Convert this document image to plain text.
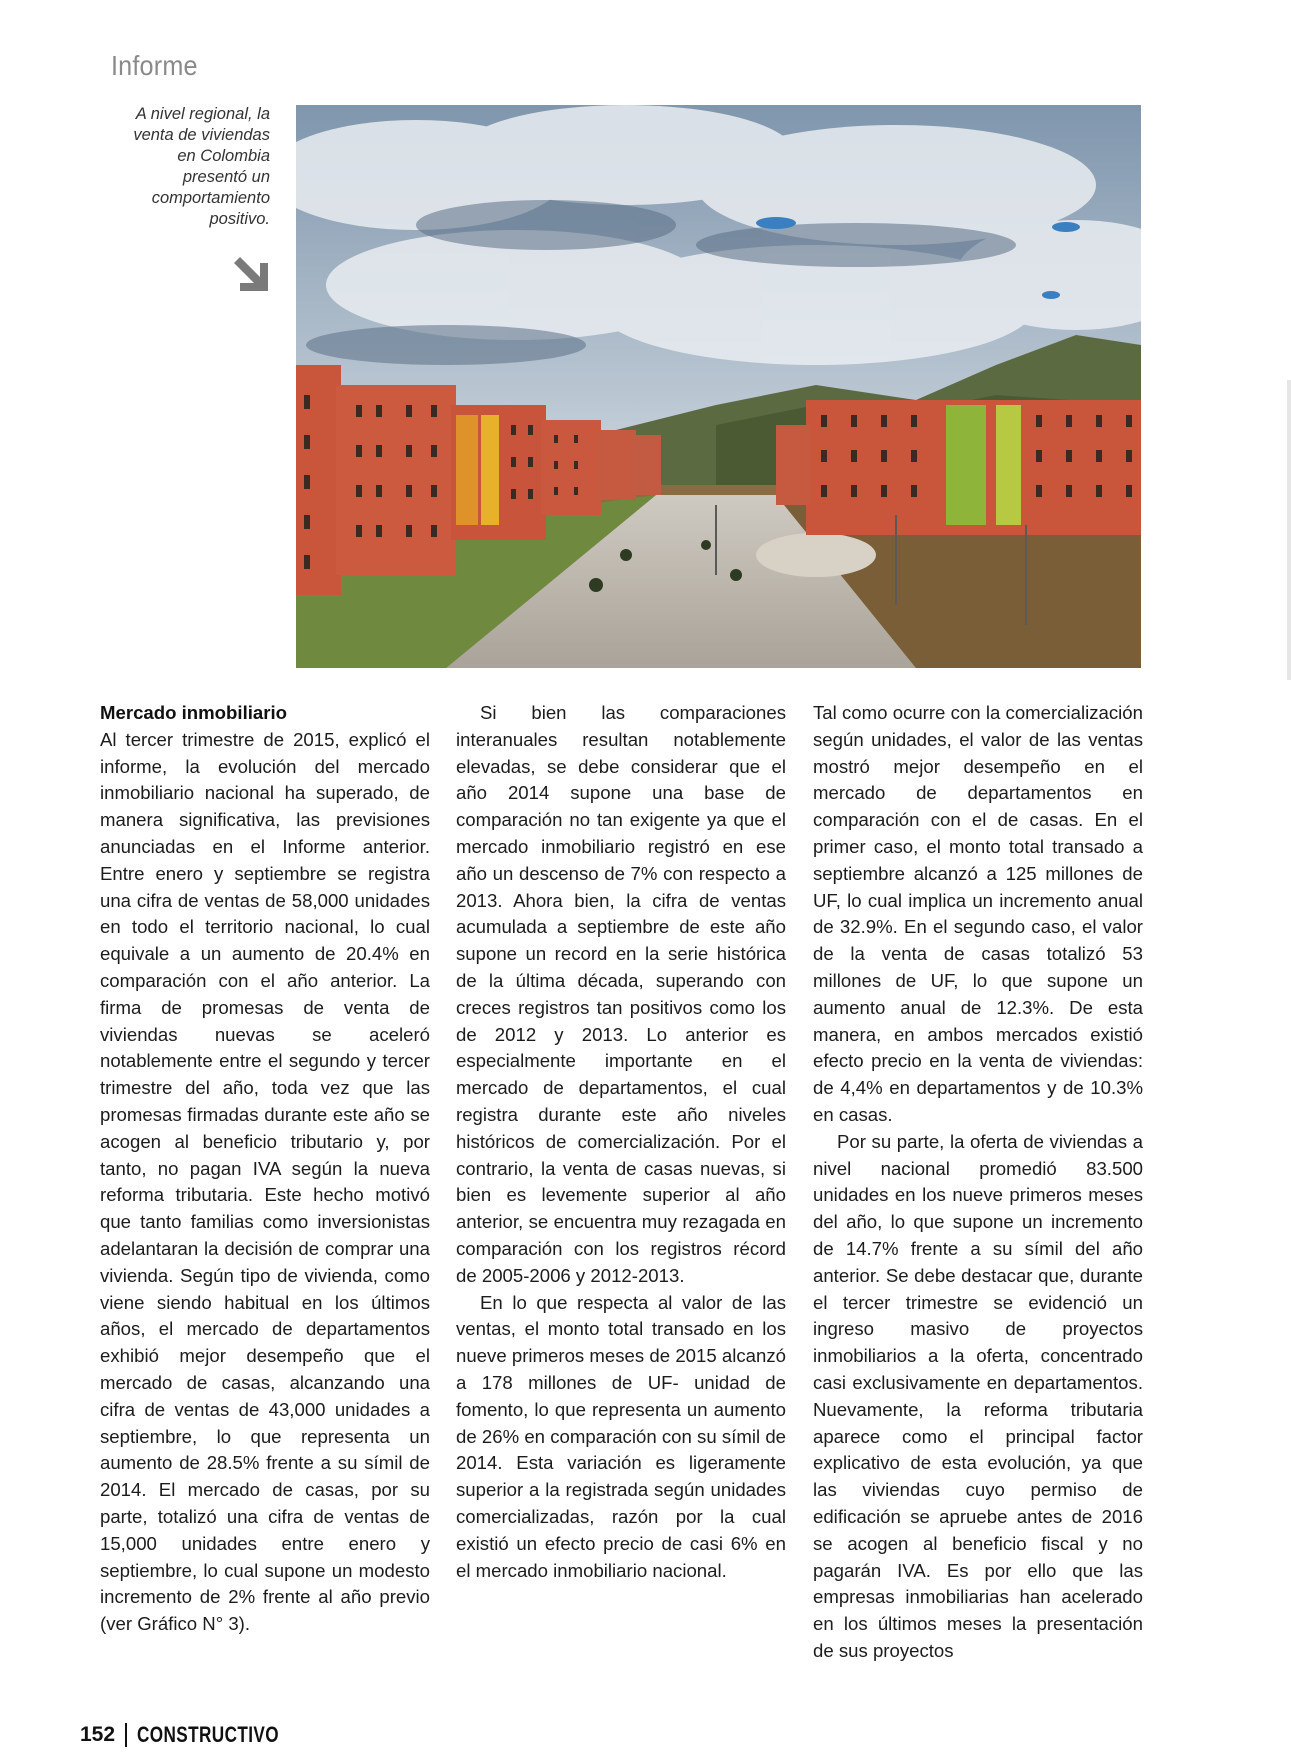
Informe
A nivel regional, la
venta de viviendas
en Colombia
presentó un
comportamiento
positivo.
Mercado inmobiliario

Al tercer trimestre de 2015, explicó el informe, la evolución del mercado inmobiliario nacional ha superado, de manera significativa, las previsiones anunciadas en el Informe anterior. Entre enero y septiembre se registra una cifra de ventas de 58,000 unidades en todo el territorio nacional, lo cual equivale a un aumento de 20.4% en comparación con el año anterior. La firma de promesas de venta de viviendas nuevas se aceleró notablemente entre el segundo y tercer trimestre del año, toda vez que las promesas firmadas durante este año se acogen al beneficio tributario y, por tanto, no pagan IVA según la nueva reforma tributaria. Este hecho motivó que tanto familias como inversionistas adelantaran la decisión de comprar una vivienda. Según tipo de vivienda, como viene siendo habitual en los últimos años, el mercado de departamentos exhibió mejor desempeño que el mercado de casas, alcanzando una cifra de ventas de 43,000 unidades a septiembre, lo que representa un aumento de 28.5% frente a su símil de 2014. El mercado de casas, por su parte, totalizó una cifra de ventas de 15,000 unidades entre enero y septiembre, lo cual supone un modesto incremento de 2% frente al año previo (ver Gráfico N° 3).

Si bien las comparaciones interanuales resultan notablemente elevadas, se debe considerar que el año 2014 supone una base de comparación no tan exigente ya que el mercado inmobiliario registró en ese año un descenso de 7% con respecto a 2013. Ahora bien, la cifra de ventas acumulada a septiembre de este año supone un record en la serie histórica de la última década, superando con creces registros tan positivos como los de 2012 y 2013. Lo anterior es especialmente importante en el mercado de departamentos, el cual registra durante este año niveles históricos de comercialización. Por el contrario, la venta de casas nuevas, si bien es levemente superior al año anterior, se encuentra muy rezagada en comparación con los registros récord de 2005-2006 y 2012-2013.

En lo que respecta al valor de las ventas, el monto total transado en los nueve primeros meses de 2015 alcanzó a 178 millones de UF- unidad de fomento, lo que representa un aumento de 26% en comparación con su símil de 2014. Esta variación es ligeramente superior a la registrada según unidades comercializadas, razón por la cual existió un efecto precio de casi 6% en el mercado inmobiliario nacional.

Tal como ocurre con la comercialización según unidades, el valor de las ventas mostró mejor desempeño en el mercado de departamentos en comparación con el de casas. En el primer caso, el monto total transado a septiembre alcanzó a 125 millones de UF, lo cual implica un incremento anual de 32.9%. En el segundo caso, el valor de la venta de casas totalizó 53 millones de UF, lo que supone un aumento anual de 12.3%. De esta manera, en ambos mercados existió efecto precio en la venta de viviendas: de 4,4% en departamentos y de 10.3% en casas.

Por su parte, la oferta de viviendas a nivel nacional promedió 83.500 unidades en los nueve primeros meses del año, lo que supone un incremento de 14.7% frente a su símil del año anterior. Se debe destacar que, durante el tercer trimestre se evidenció un ingreso masivo de proyectos inmobiliarios a la oferta, concentrado casi exclusivamente en departamentos. Nuevamente, la reforma tributaria aparece como el principal factor explicativo de esta evolución, ya que las viviendas cuyo permiso de edificación se apruebe antes de 2016 se acogen al beneficio fiscal y no pagarán IVA. Es por ello que las empresas inmobiliarias han acelerado en los últimos meses la presentación de sus proyectos

152 CONSTRUCTIVO
